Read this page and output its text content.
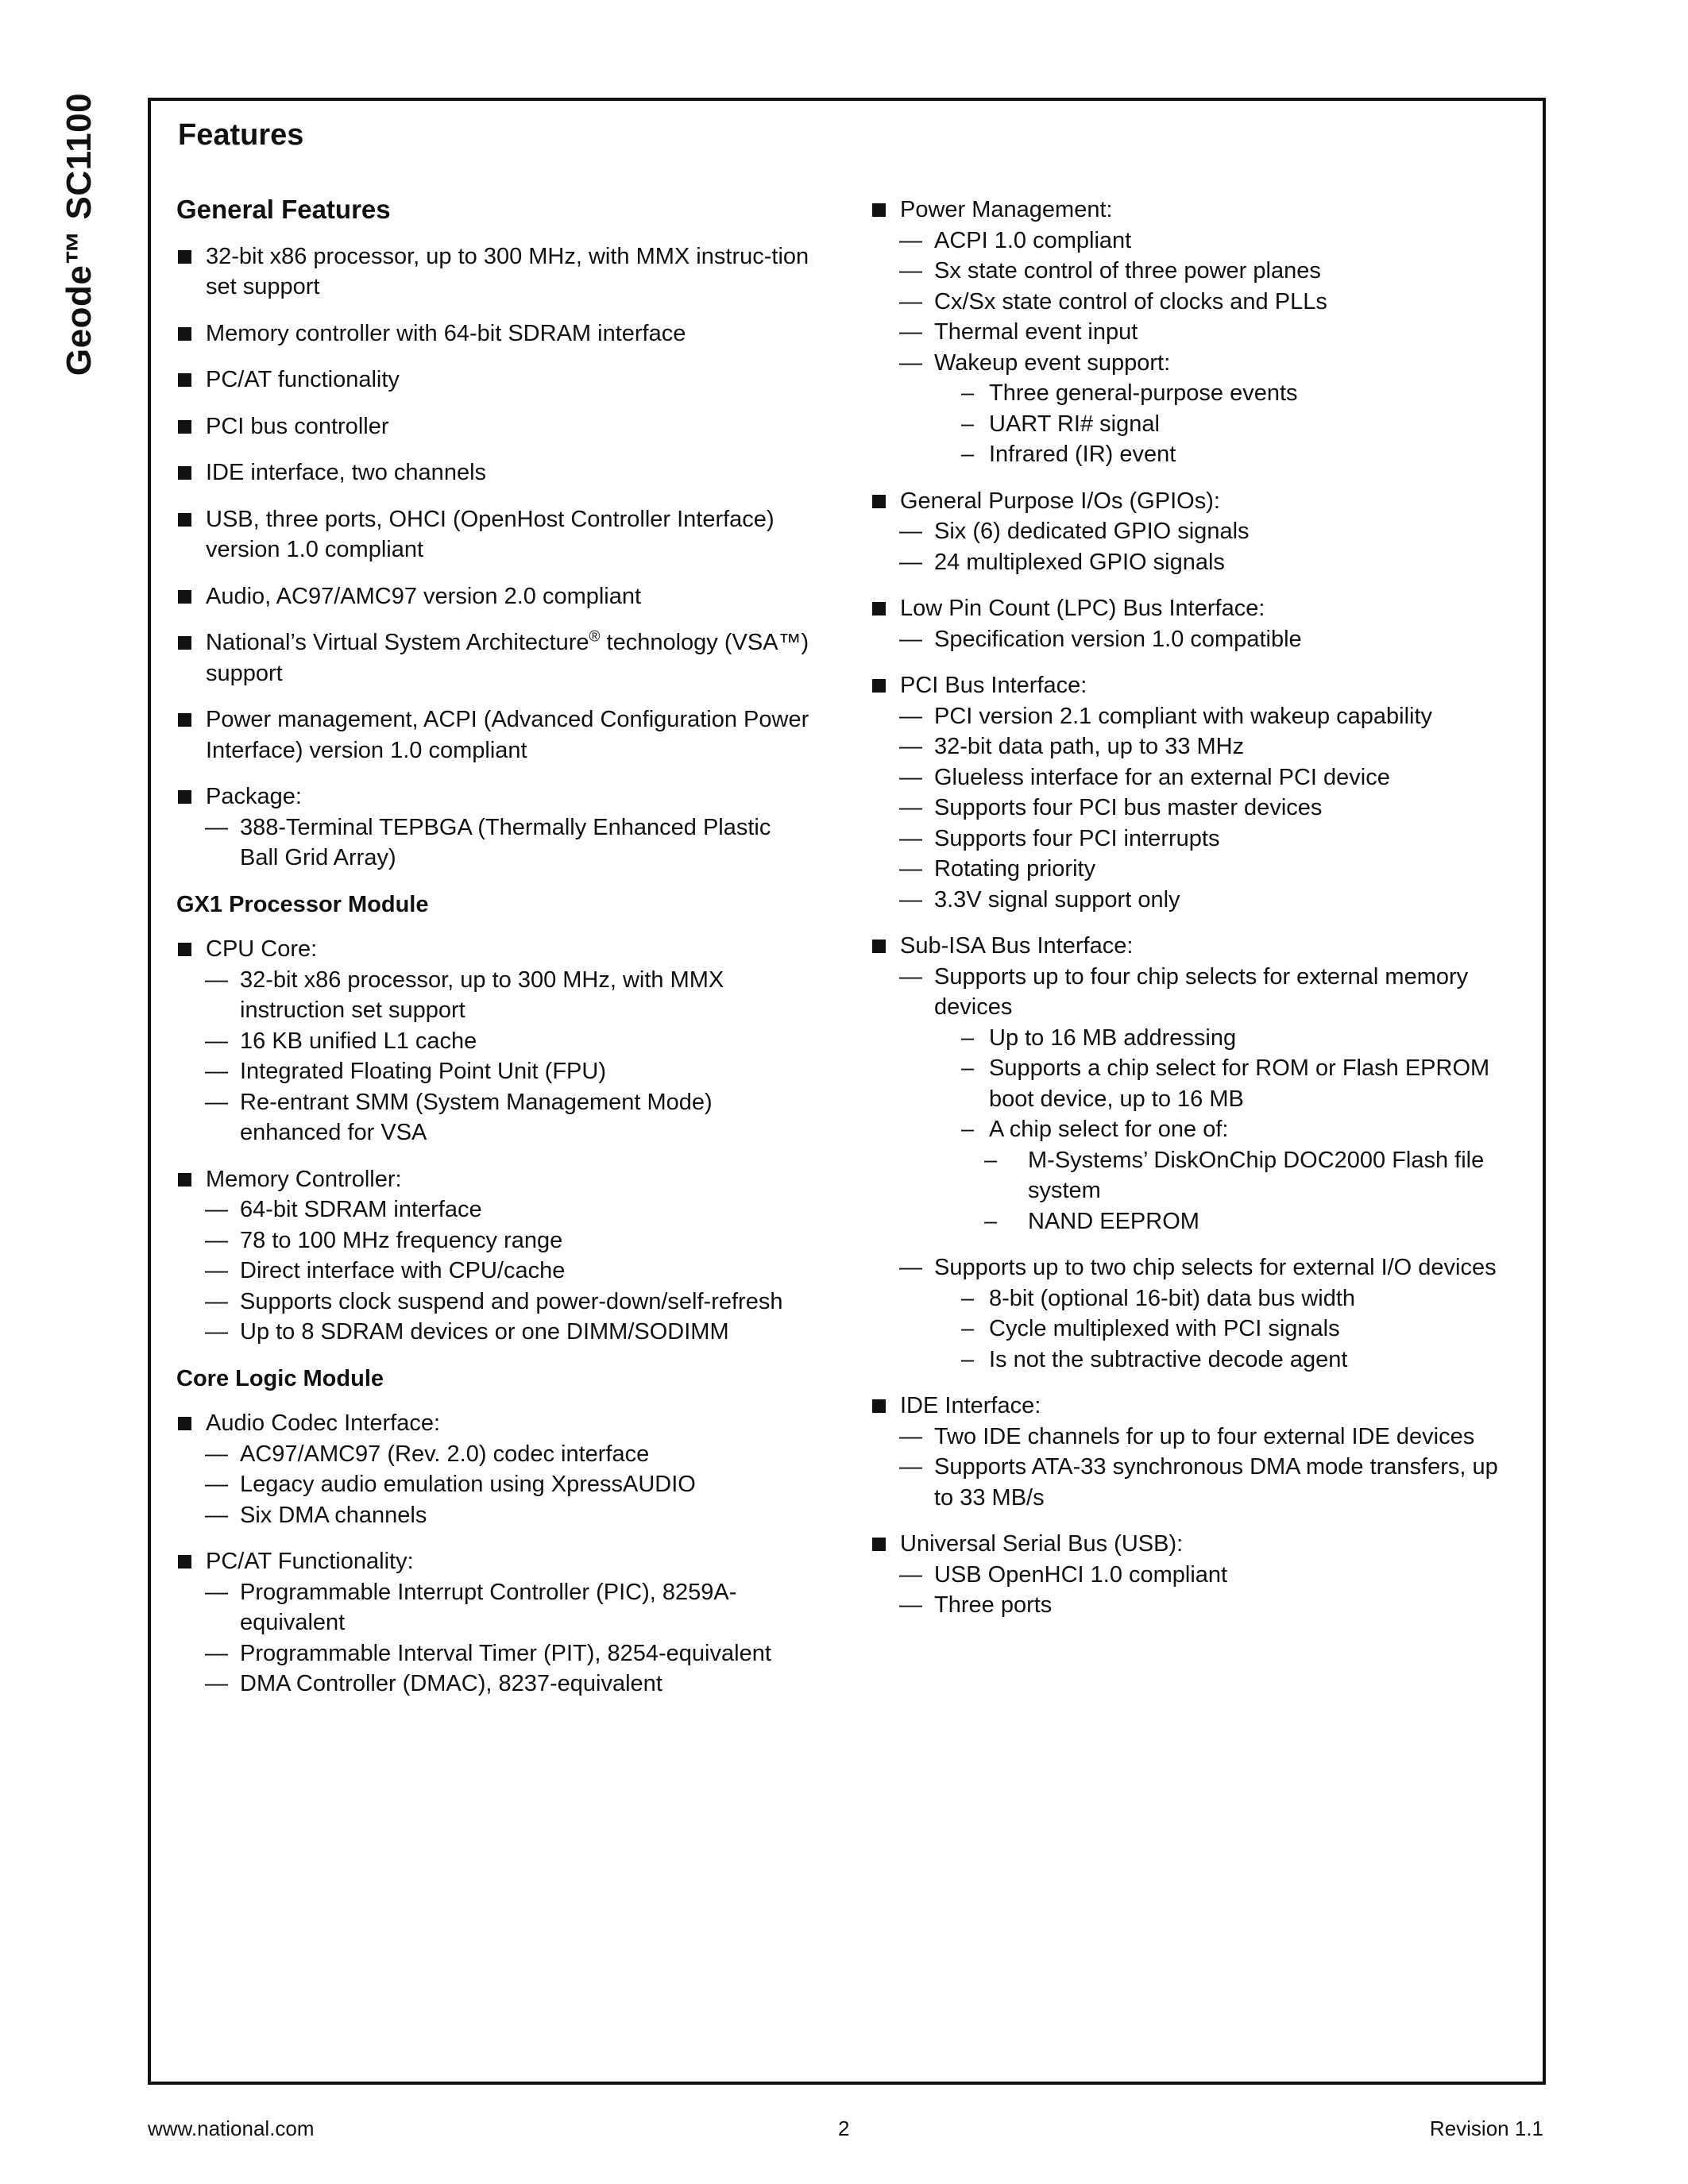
Geode™ SC1100	Features
General Features
32-bit x86 processor, up to 300 MHz, with MMX instruc-tion set support
Memory controller with 64-bit SDRAM interface
PC/AT functionality
PCI bus controller
IDE interface, two channels
USB, three ports, OHCI (OpenHost Controller Interface) version 1.0 compliant
Audio, AC97/AMC97 version 2.0 compliant
National’s Virtual System Architecture® technology (VSA™) support
Power management, ACPI (Advanced Configuration Power Interface) version 1.0 compliant
Package:
— 388-Terminal TEPBGA (Thermally Enhanced Plastic Ball Grid Array)
GX1 Processor Module
CPU Core:
— 32-bit x86 processor, up to 300 MHz, with MMX instruction set support
— 16 KB unified L1 cache
— Integrated Floating Point Unit (FPU)
— Re-entrant SMM (System Management Mode) enhanced for VSA
Memory Controller:
— 64-bit SDRAM interface
— 78 to 100 MHz frequency range
— Direct interface with CPU/cache
— Supports clock suspend and power-down/self-refresh
— Up to 8 SDRAM devices or one DIMM/SODIMM
Core Logic Module
Audio Codec Interface:
— AC97/AMC97 (Rev. 2.0) codec interface
— Legacy audio emulation using XpressAUDIO
— Six DMA channels
PC/AT Functionality:
— Programmable Interrupt Controller (PIC), 8259A-equivalent
— Programmable Interval Timer (PIT), 8254-equivalent
— DMA Controller (DMAC), 8237-equivalent
Power Management:
— ACPI 1.0 compliant
— Sx state control of three power planes
— Cx/Sx state control of clocks and PLLs
— Thermal event input
— Wakeup event support:
– Three general-purpose events
– UART RI# signal
– Infrared (IR) event
General Purpose I/Os (GPIOs):
— Six (6) dedicated GPIO signals
— 24 multiplexed GPIO signals
Low Pin Count (LPC) Bus Interface:
— Specification version 1.0 compatible
PCI Bus Interface:
— PCI version 2.1 compliant with wakeup capability
— 32-bit data path, up to 33 MHz
— Glueless interface for an external PCI device
— Supports four PCI bus master devices
— Supports four PCI interrupts
— Rotating priority
— 3.3V signal support only
Sub-ISA Bus Interface:
— Supports up to four chip selects for external memory devices
– Up to 16 MB addressing
– Supports a chip select for ROM or Flash EPROM boot device, up to 16 MB
– A chip select for one of:
–	M-Systems’ DiskOnChip DOC2000 Flash file system
–	NAND EEPROM
— Supports up to two chip selects for external I/O devices
– 8-bit (optional 16-bit) data bus width
– Cycle multiplexed with PCI signals
– Is not the subtractive decode agent
IDE Interface:
— Two IDE channels for up to four external IDE devices
— Supports ATA-33 synchronous DMA mode transfers, up to 33 MB/s
Universal Serial Bus (USB):
— USB OpenHCI 1.0 compliant
— Three ports
www.national.com	2	Revision 1.1
